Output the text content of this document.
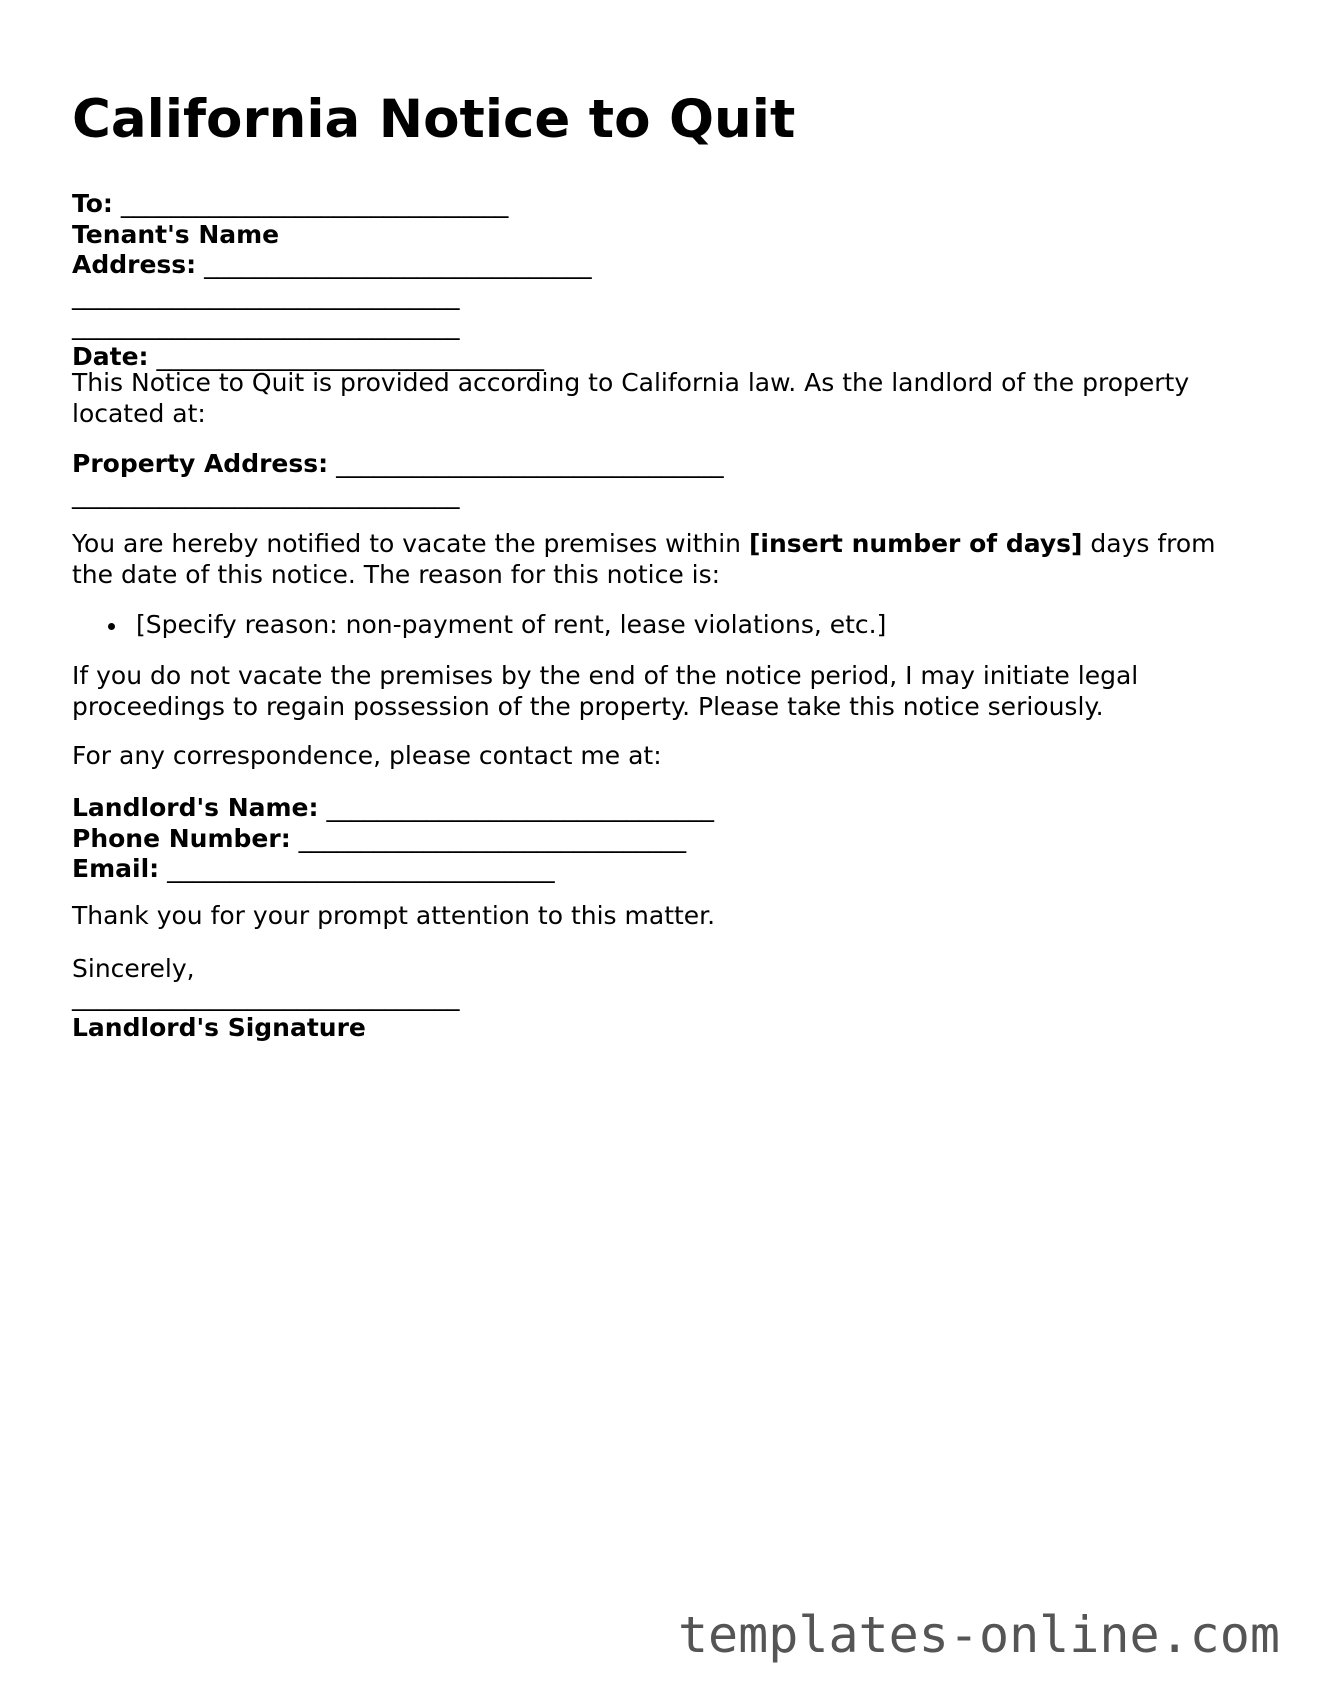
California Notice to Quit
To: _______________________________
Tenant's Name
Address: _______________________________
_______________________________
_______________________________
Date: _______________________________

This Notice to Quit is provided according to California law. As the landlord of the property located at:

Property Address: _______________________________
_______________________________

You are hereby notified to vacate the premises within [insert number of days] days from the date of this notice. The reason for this notice is:

[Specify reason: non-payment of rent, lease violations, etc.]

If you do not vacate the premises by the end of the notice period, I may initiate legal proceedings to regain possession of the property. Please take this notice seriously.

For any correspondence, please contact me at:

Landlord's Name: _______________________________
Phone Number: _______________________________
Email: _______________________________

Thank you for your prompt attention to this matter.

Sincerely,

_______________________________
Landlord's Signature
templates-online.com
